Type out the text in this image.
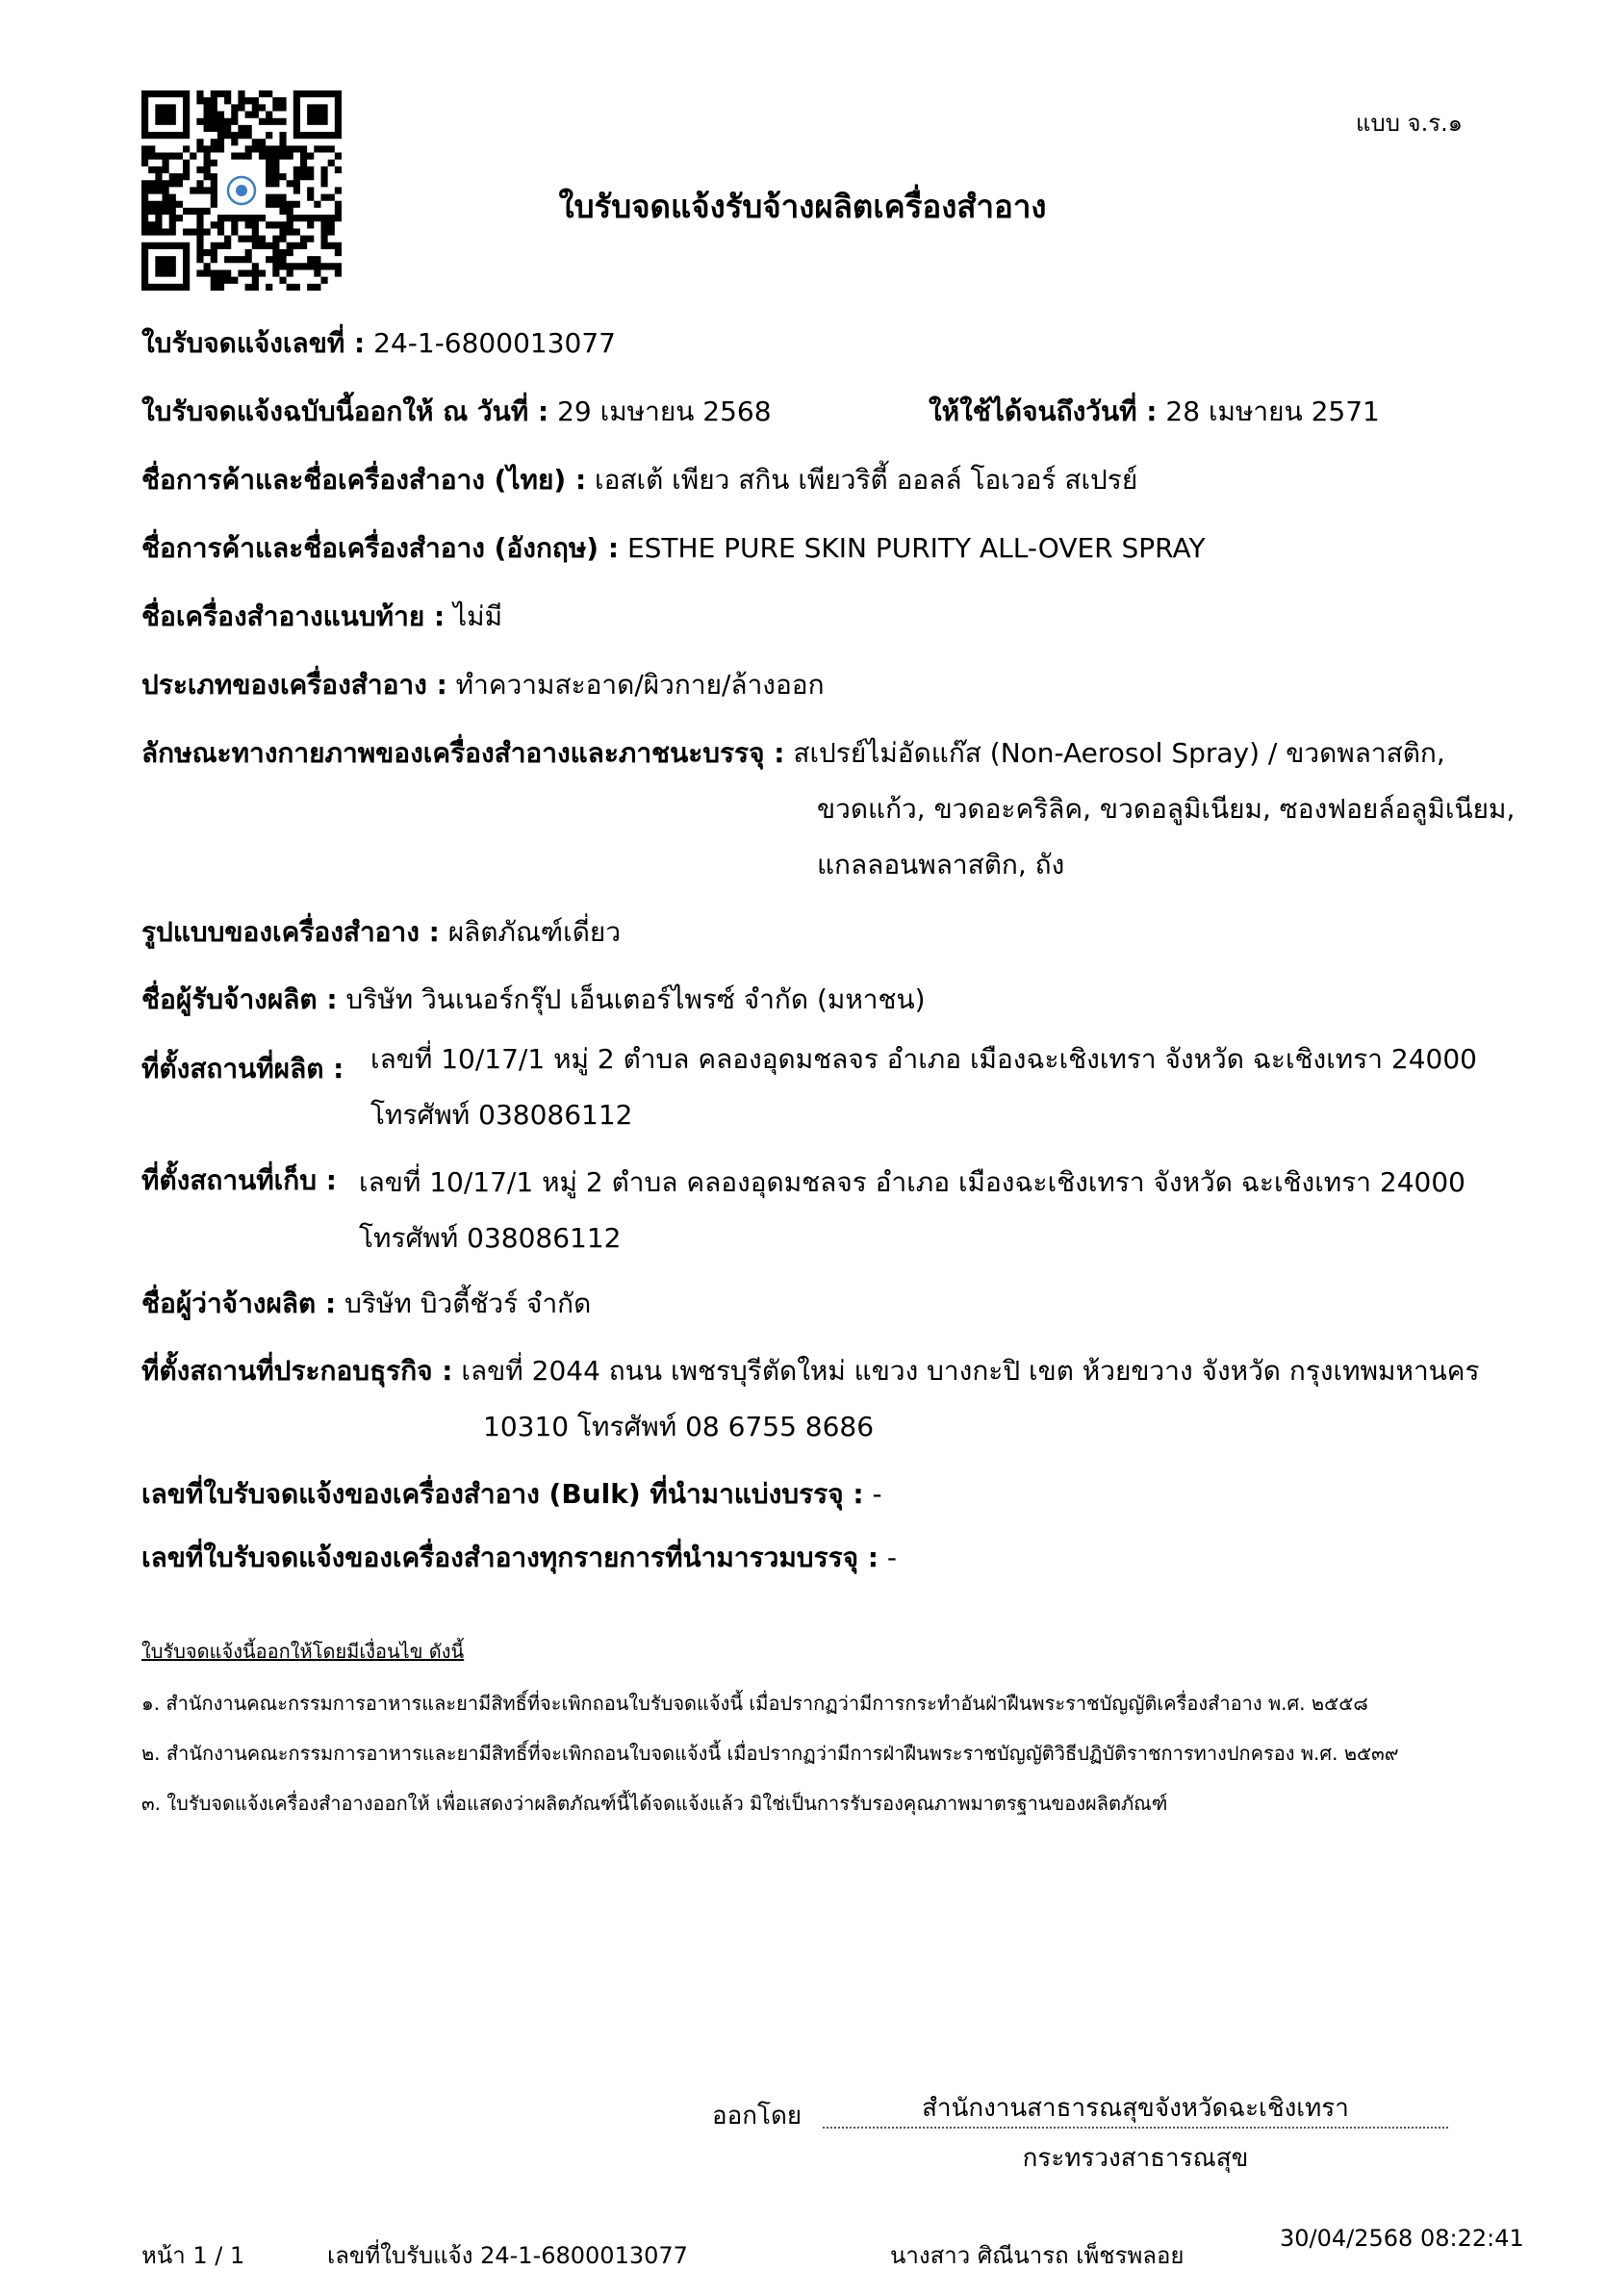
แบบ จ.ร.๑
ใบรับจดแจ้งรับจ้างผลิตเครื่องสำอาง
ใบรับจดแจ้งเลขที่ : 24-1-6800013077
ใบรับจดแจ้งฉบับนี้ออกให้ ณ วันที่ : 29 เมษายน 2568	ให้ใช้ได้จนถึงวันที่ : 28 เมษายน 2571
ชื่อการค้าและชื่อเครื่องสำอาง (ไทย) : เอสเต้ เพียว สกิน เพียวริตี้ ออลล์ โอเวอร์ สเปรย์
ชื่อการค้าและชื่อเครื่องสำอาง (อังกฤษ) : ESTHE PURE SKIN PURITY ALL-OVER SPRAY
ชื่อเครื่องสำอางแนบท้าย : ไม่มี
ประเภทของเครื่องสำอาง : ทำความสะอาด/ผิวกาย/ล้างออก
ลักษณะทางกายภาพของเครื่องสำอางและภาชนะบรรจุ : สเปรย์ไม่อัดแก๊ส (Non-Aerosol Spray) / ขวดพลาสติก,
ขวดแก้ว, ขวดอะคริลิค, ขวดอลูมิเนียม, ซองฟอยล์อลูมิเนียม,
แกลลอนพลาสติก, ถัง
รูปแบบของเครื่องสำอาง : ผลิตภัณฑ์เดี่ยว
ชื่อผู้รับจ้างผลิต : บริษัท วินเนอร์กรุ๊ป เอ็นเตอร์ไพรซ์ จำกัด (มหาชน)
ที่ตั้งสถานที่ผลิต : เลขที่ 10/17/1 หมู่ 2 ตำบล คลองอุดมชลจร อำเภอ เมืองฉะเชิงเทรา จังหวัด ฉะเชิงเทรา 24000
โทรศัพท์ 038086112
ที่ตั้งสถานที่เก็บ : เลขที่ 10/17/1 หมู่ 2 ตำบล คลองอุดมชลจร อำเภอ เมืองฉะเชิงเทรา จังหวัด ฉะเชิงเทรา 24000
โทรศัพท์ 038086112
ชื่อผู้ว่าจ้างผลิต : บริษัท บิวตี้ชัวร์ จำกัด
ที่ตั้งสถานที่ประกอบธุรกิจ : เลขที่ 2044 ถนน เพชรบุรีตัดใหม่ แขวง บางกะปิ เขต ห้วยขวาง จังหวัด กรุงเทพมหานคร
10310 โทรศัพท์ 08 6755 8686
เลขที่ใบรับจดแจ้งของเครื่องสำอาง (Bulk) ที่นำมาแบ่งบรรจุ : -
เลขที่ใบรับจดแจ้งของเครื่องสำอางทุกรายการที่นำมารวมบรรจุ : -
ใบรับจดแจ้งนี้ออกให้โดยมีเงื่อนไข ดังนี้
๑. สำนักงานคณะกรรมการอาหารและยามีสิทธิ์ที่จะเพิกถอนใบรับจดแจ้งนี้ เมื่อปรากฏว่ามีการกระทำอันฝ่าฝืนพระราชบัญญัติเครื่องสำอาง พ.ศ. ๒๕๕๘
๒. สำนักงานคณะกรรมการอาหารและยามีสิทธิ์ที่จะเพิกถอนใบจดแจ้งนี้ เมื่อปรากฏว่ามีการฝ่าฝืนพระราชบัญญัติวิธีปฏิบัติราชการทางปกครอง พ.ศ. ๒๕๓๙
๓. ใบรับจดแจ้งเครื่องสำอางออกให้ เพื่อแสดงว่าผลิตภัณฑ์นี้ได้จดแจ้งแล้ว มิใช่เป็นการรับรองคุณภาพมาตรฐานของผลิตภัณฑ์
ออกโดย	สำนักงานสาธารณสุขจังหวัดฉะเชิงเทรา
กระทรวงสาธารณสุข
หน้า 1 / 1	เลขที่ใบรับแจ้ง 24-1-6800013077	นางสาว ศิณีนารถ เพ็ชรพลอย
30/04/2568 08:22:41
